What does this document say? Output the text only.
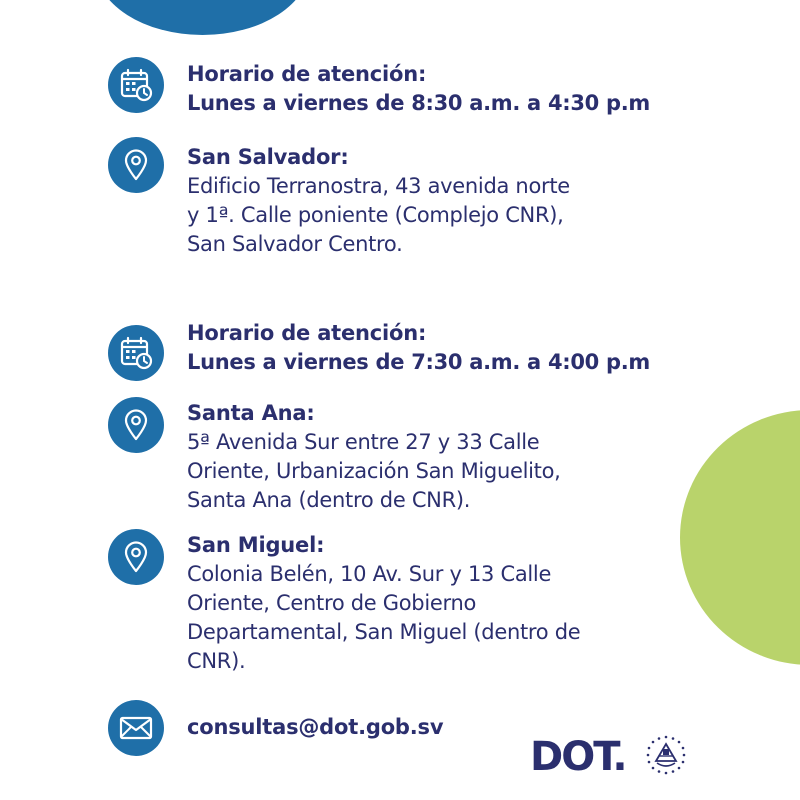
Horario de atención:
Lunes a viernes de 8:30 a.m. a 4:30 p.m
San Salvador:
Edificio Terranostra, 43 avenida norte
y 1ª. Calle poniente (Complejo CNR),
San Salvador Centro.
Horario de atención:
Lunes a viernes de 7:30 a.m. a 4:00 p.m
Santa Ana:
5ª Avenida Sur entre 27 y 33 Calle
Oriente, Urbanización San Miguelito,
Santa Ana (dentro de CNR).
San Miguel:
Colonia Belén, 10 Av. Sur y 13 Calle
Oriente, Centro de Gobierno
Departamental, San Miguel (dentro de
CNR).
consultas@dot.gob.sv
DOT.
